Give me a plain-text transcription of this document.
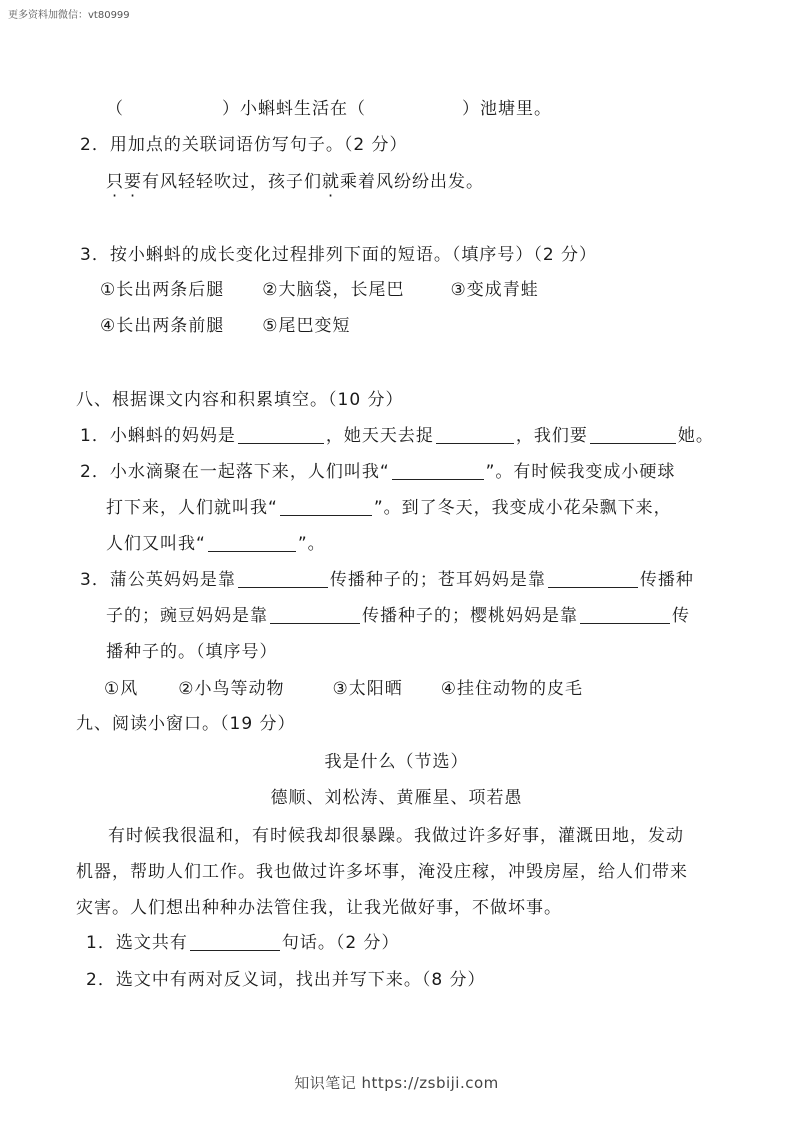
更多资料加微信：vt80999
（	）小蝌蚪生活在（	）池塘里。
2．用加点的关联词语仿写句子。（2 分）
只要有风轻轻吹过，孩子们就乘着风纷纷出发。
3．按小蝌蚪的成长变化过程排列下面的短语。（填序号）（2 分）
①长出两条后腿 ②大脑袋，长尾巴	③变成青蛙
④长出两条前腿 ⑤尾巴变短
八、根据课文内容和积累填空。（10 分）
1．小蝌蚪的妈妈是	，她天天去捉	，我们要	她。
2．小水滴聚在一起落下来，人们叫我“	”。有时候我变成小硬球
打下来，人们就叫我“	”。到了冬天，我变成小花朵飘下来，
人们又叫我“	”。
3．蒲公英妈妈是靠	传播种子的；苍耳妈妈是靠	传播种
子的；豌豆妈妈是靠	传播种子的；樱桃妈妈是靠	传
播种子的。（填序号）
①风 ②小鸟等动物	③太阳晒 ④挂住动物的皮毛
九、阅读小窗口。（19 分）
我是什么（节选）
德顺、刘松涛、黄雁星、项若愚
有时候我很温和，有时候我却很暴躁。我做过许多好事，灌溉田地，发动
机器，帮助人们工作。我也做过许多坏事，淹没庄稼，冲毁房屋，给人们带来
灾害。人们想出种种办法管住我，让我光做好事，不做坏事。
1．选文共有	句话。（2 分）
2．选文中有两对反义词，找出并写下来。（8 分）
知识笔记 https://zsbiji.com
